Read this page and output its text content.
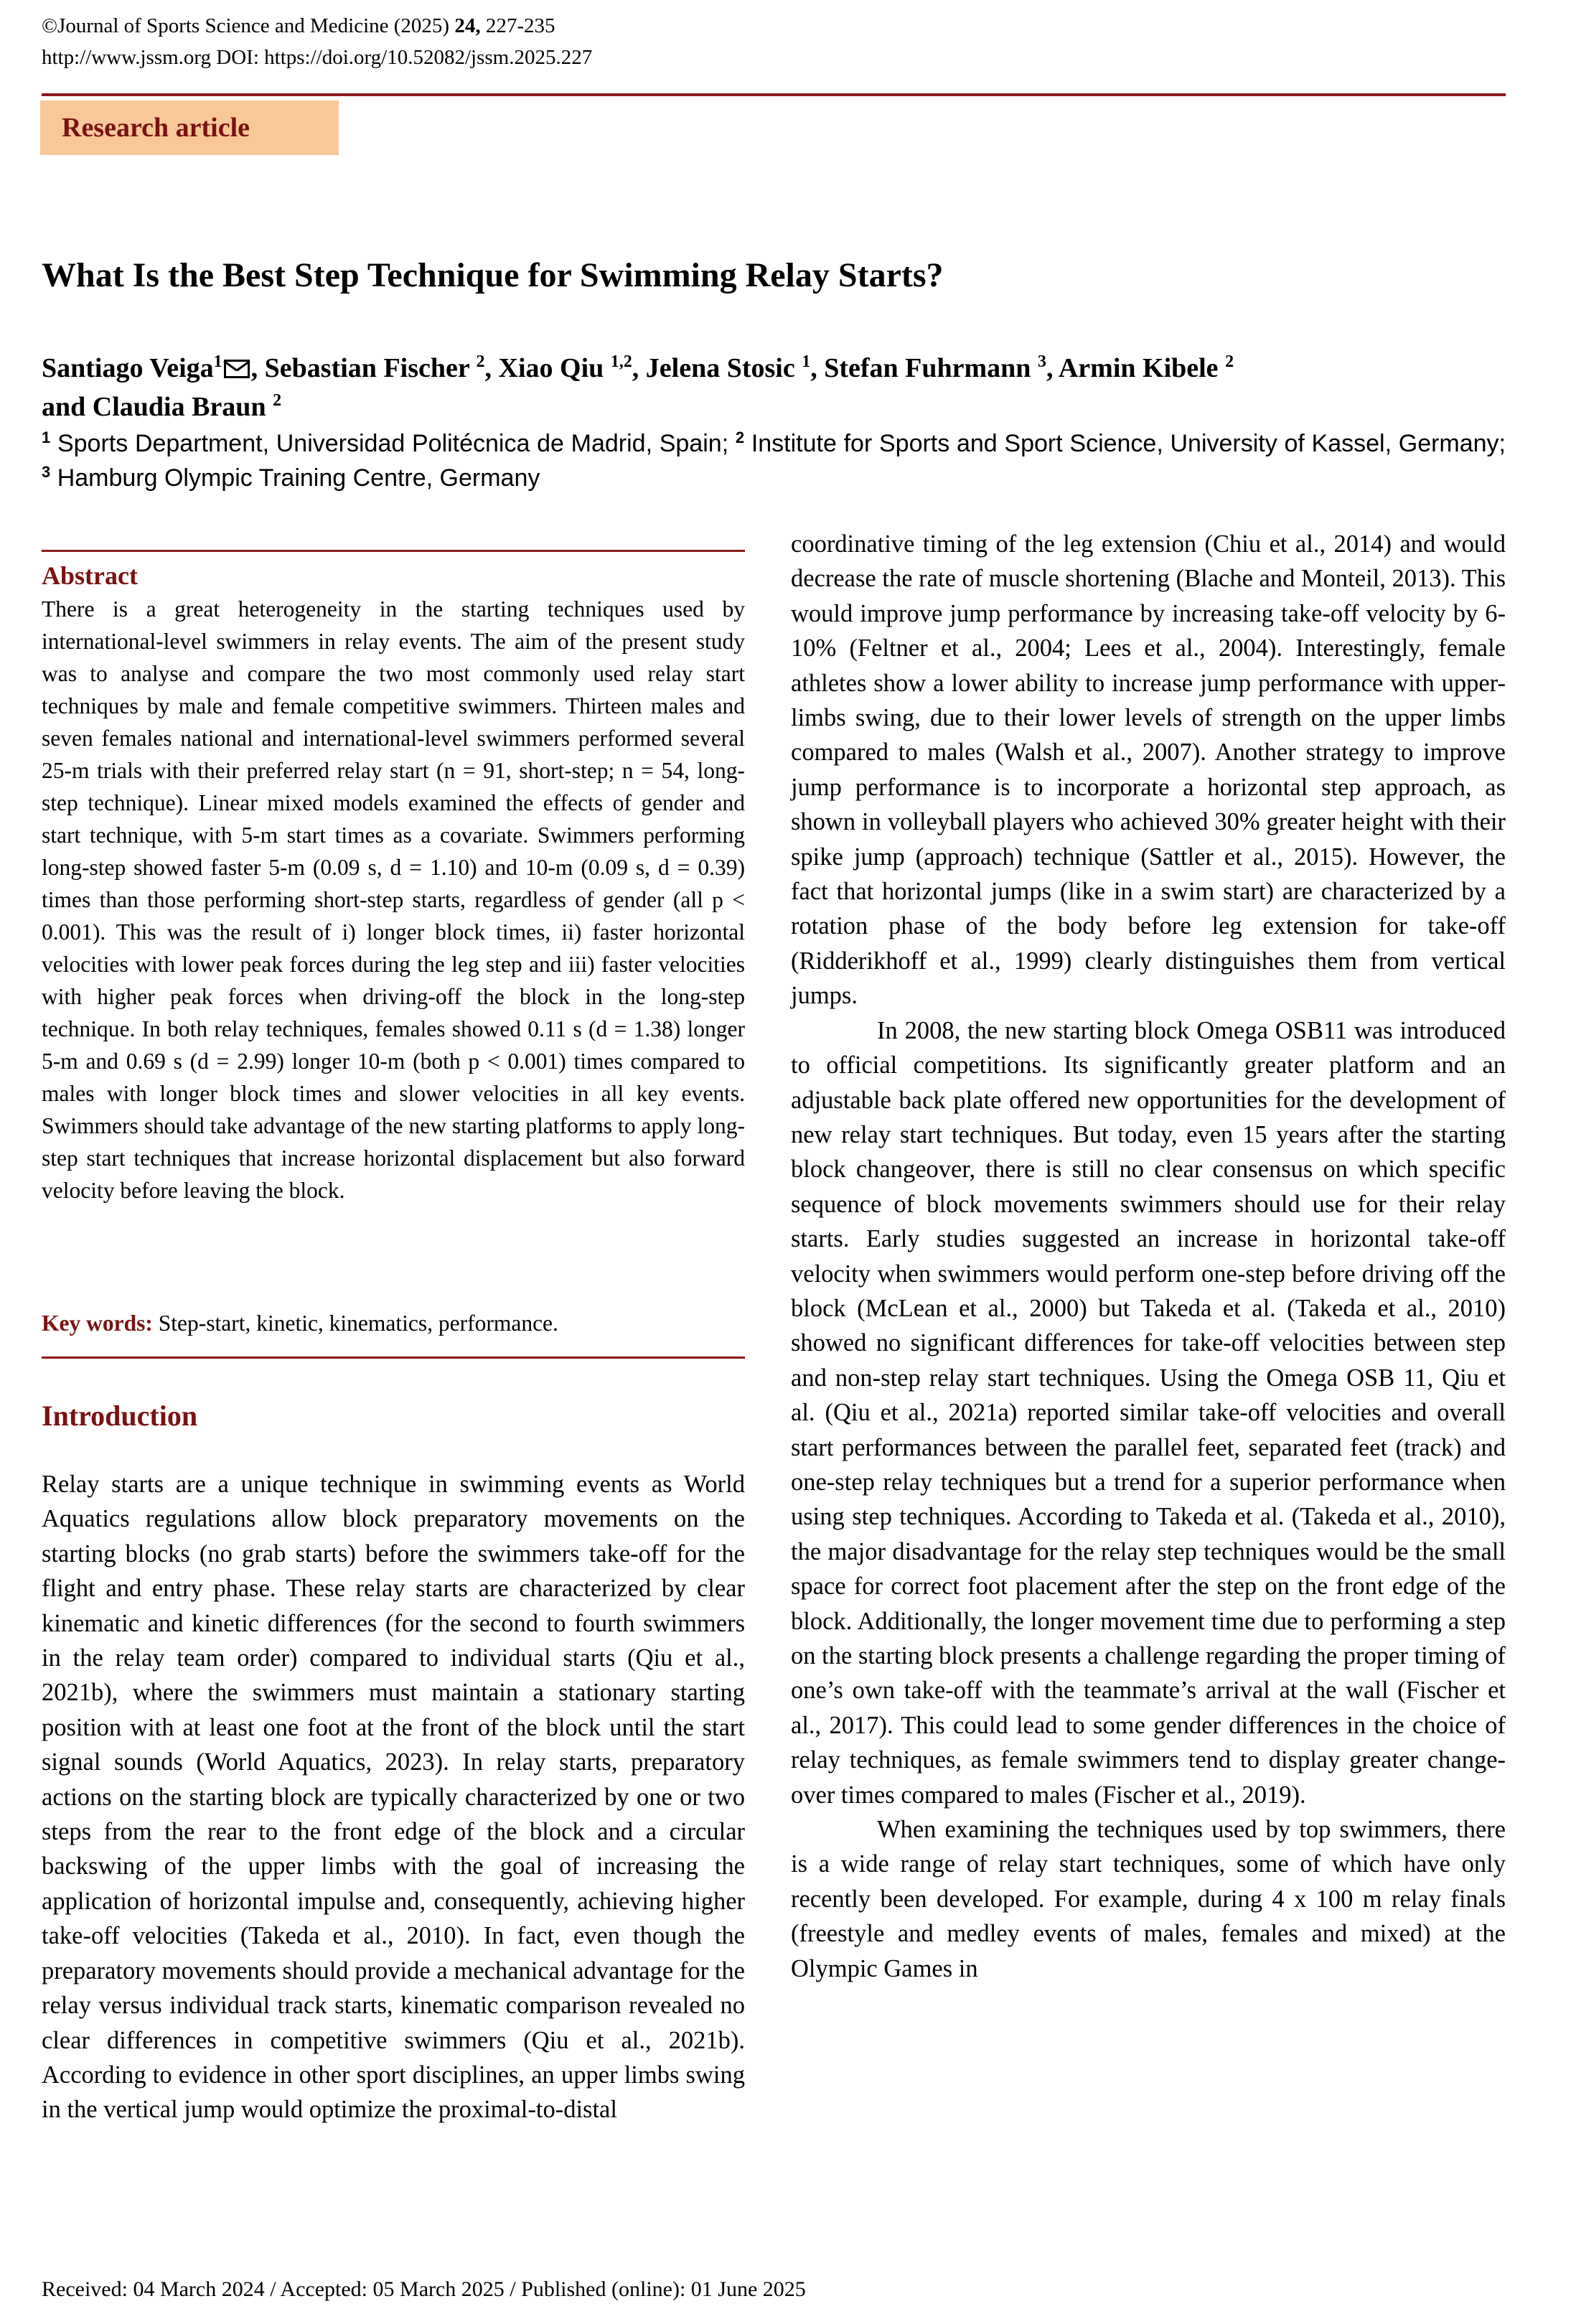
©Journal of Sports Science and Medicine (2025) 24, 227-235
http://www.jssm.org DOI: https://doi.org/10.52082/jssm.2025.227
Research article
What Is the Best Step Technique for Swimming Relay Starts?
Santiago Veiga$^1$ , Sebastian Fischer $^2$, Xiao Qiu $^{1,2}$, Jelena Stosic $^1$, Stefan Fuhrmann $^3$, Armin Kibele $^2$
and Claudia Braun $^2$
$^1$ Sports Department, Universidad Politécnica de Madrid, Spain; $^2$ Institute for Sports and Sport Science, University of Kassel, Germany; $^3$ Hamburg Olympic Training Centre, Germany
Abstract
There is a great heterogeneity in the starting techniques used by international-level swimmers in relay events. The aim of the present study was to analyse and compare the two most commonly used relay start techniques by male and female competitive swimmers. Thirteen males and seven females national and international-level swimmers performed several 25-m trials with their preferred relay start (n = 91, short-step; n = 54, long-step technique). Linear mixed models examined the effects of gender and start technique, with 5-m start times as a covariate. Swimmers performing long-step showed faster 5-m (0.09 s, d = 1.10) and 10-m (0.09 s, d = 0.39) times than those performing short-step starts, regardless of gender (all p < 0.001). This was the result of i) longer block times, ii) faster horizontal velocities with lower peak forces during the leg step and iii) faster velocities with higher peak forces when driving-off the block in the long-step technique. In both relay techniques, females showed 0.11 s (d = 1.38) longer 5-m and 0.69 s (d = 2.99) longer 10-m (both p < 0.001) times compared to males with longer block times and slower velocities in all key events. Swimmers should take advantage of the new starting platforms to apply long-step start techniques that increase horizontal displacement but also forward velocity before leaving the block.
Key words: Step-start, kinetic, kinematics, performance.
Introduction

Relay starts are a unique technique in swimming events as World Aquatics regulations allow block preparatory movements on the starting blocks (no grab starts) before the swimmers take-off for the flight and entry phase. These relay starts are characterized by clear kinematic and kinetic differences (for the second to fourth swimmers in the relay team order) compared to individual starts (Qiu et al., 2021b), where the swimmers must maintain a stationary starting position with at least one foot at the front of the block until the start signal sounds (World Aquatics, 2023). In relay starts, preparatory actions on the starting block are typically characterized by one or two steps from the rear to the front edge of the block and a circular backswing of the upper limbs with the goal of increasing the application of horizontal impulse and, consequently, achieving higher take-off velocities (Takeda et al., 2010). In fact, even though the preparatory movements should provide a mechanical advantage for the relay versus individual track starts, kinematic comparison revealed no clear differences in competitive swimmers (Qiu et al., 2021b). According to evidence in other sport disciplines, an upper limbs swing in the vertical jump would optimize the proximal-to-distal

coordinative timing of the leg extension (Chiu et al., 2014) and would decrease the rate of muscle shortening (Blache and Monteil, 2013). This would improve jump performance by increasing take-off velocity by 6-10% (Feltner et al., 2004; Lees et al., 2004). Interestingly, female athletes show a lower ability to increase jump performance with upper-limbs swing, due to their lower levels of strength on the upper limbs compared to males (Walsh et al., 2007). Another strategy to improve jump performance is to incorporate a horizontal step approach, as shown in volleyball players who achieved 30% greater height with their spike jump (approach) technique (Sattler et al., 2015). However, the fact that horizontal jumps (like in a swim start) are characterized by a rotation phase of the body before leg extension for take-off (Ridderikhoff et al., 1999) clearly distinguishes them from vertical jumps.

In 2008, the new starting block Omega OSB11 was introduced to official competitions. Its significantly greater platform and an adjustable back plate offered new opportunities for the development of new relay start techniques. But today, even 15 years after the starting block changeover, there is still no clear consensus on which specific sequence of block movements swimmers should use for their relay starts. Early studies suggested an increase in horizontal take-off velocity when swimmers would perform one-step before driving off the block (McLean et al., 2000) but Takeda et al. (Takeda et al., 2010) showed no significant differences for take-off velocities between step and non-step relay start techniques. Using the Omega OSB 11, Qiu et al. (Qiu et al., 2021a) reported similar take-off velocities and overall start performances between the parallel feet, separated feet (track) and one-step relay techniques but a trend for a superior performance when using step techniques. According to Takeda et al. (Takeda et al., 2010), the major disadvantage for the relay step techniques would be the small space for correct foot placement after the step on the front edge of the block. Additionally, the longer movement time due to performing a step on the starting block presents a challenge regarding the proper timing of one’s own take-off with the teammate’s arrival at the wall (Fischer et al., 2017). This could lead to some gender differences in the choice of relay techniques, as female swimmers tend to display greater change-over times compared to males (Fischer et al., 2019).

When examining the techniques used by top swimmers, there is a wide range of relay start techniques, some of which have only recently been developed. For example, during 4 x 100 m relay finals (freestyle and medley events of males, females and mixed) at the Olympic Games in

Received: 04 March 2024 / Accepted: 05 March 2025 / Published (online): 01 June 2025
